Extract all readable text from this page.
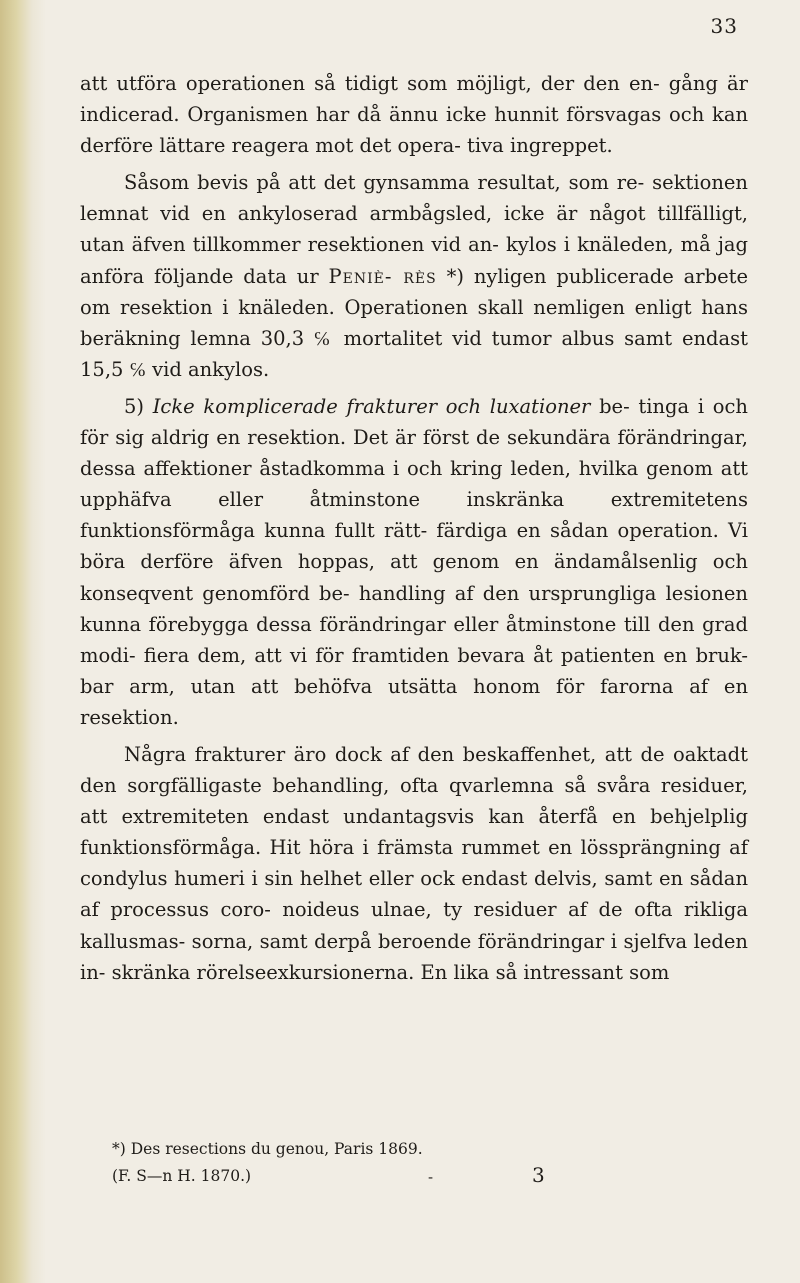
33

att utföra operationen så tidigt som möjligt, der den en- gång är indicerad. Organismen har då ännu icke hunnit försvagas och kan derföre lättare reagera mot det opera- tiva ingreppet.

Såsom bevis på att det gynsamma resultat, som re- sektionen lemnat vid en ankyloserad armbågsled, icke är något tillfälligt, utan äfven tillkommer resektionen vid an- kylos i knäleden, må jag anföra följande data ur Peniè- rès *) nyligen publicerade arbete om resektion i knäleden. Operationen skall nemligen enligt hans beräkning lemna 30,3 ℅ mortalitet vid tumor albus samt endast 15,5 ℅ vid ankylos.

5) Icke komplicerade frakturer och luxationer be- tinga i och för sig aldrig en resektion. Det är först de sekundära förändringar, dessa affektioner åstadkomma i och kring leden, hvilka genom att upphäfva eller åtminstone inskränka extremitetens funktionsförmåga kunna fullt rätt- färdiga en sådan operation. Vi böra derföre äfven hoppas, att genom en ändamålsenlig och konseqvent genomförd be- handling af den ursprungliga lesionen kunna förebygga dessa förändringar eller åtminstone till den grad modi- fiera dem, att vi för framtiden bevara åt patienten en bruk- bar arm, utan att behöfva utsätta honom för farorna af en resektion.

Några frakturer äro dock af den beskaffenhet, att de oaktadt den sorgfälligaste behandling, ofta qvarlemna så svåra residuer, att extremiteten endast undantagsvis kan återfå en behjelplig funktionsförmåga. Hit höra i främsta rummet en lössprängning af condylus humeri i sin helhet eller ock endast delvis, samt en sådan af processus coro- noideus ulnae, ty residuer af de ofta rikliga kallusmas- sorna, samt derpå beroende förändringar i sjelfva leden in- skränka rörelseexkursionerna. En lika så intressant som

*) Des resections du genou, Paris 1869.
(F. S—n H. 1870.)	-	3
